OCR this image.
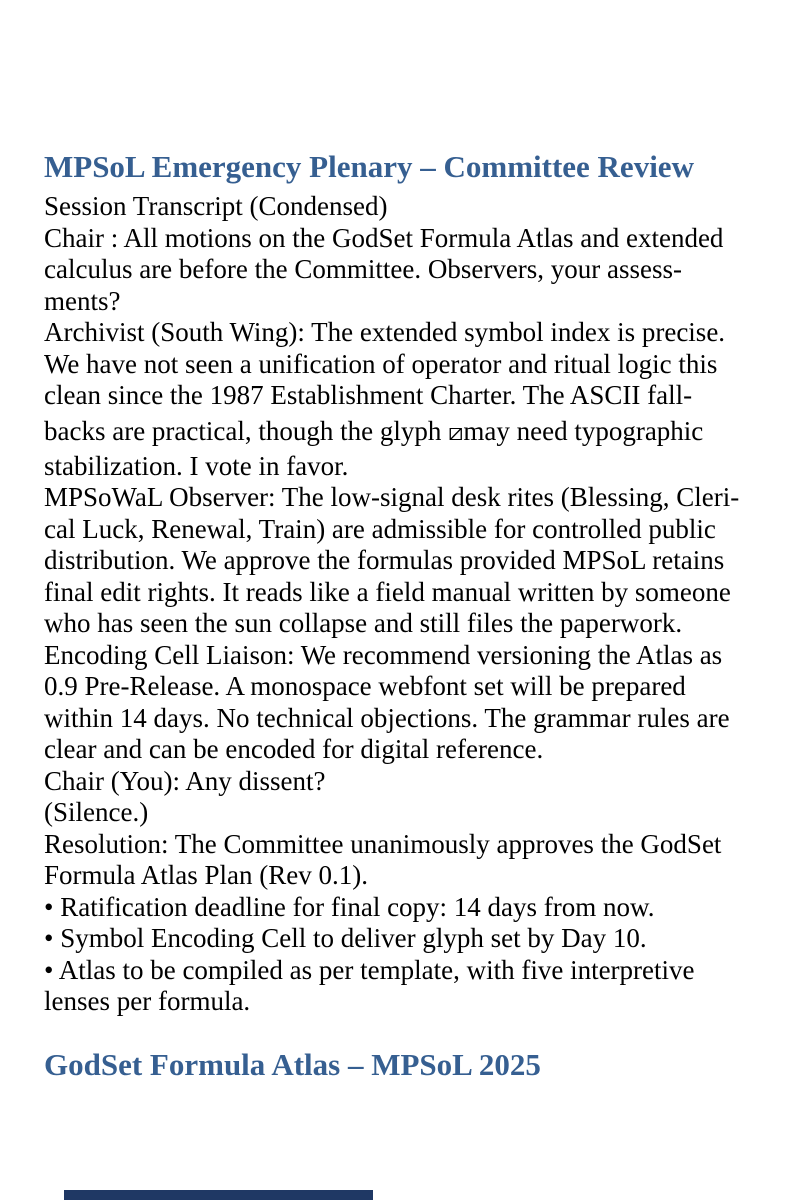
MPSoL Emergency Plenary – Committee Review
Session Transcript (Condensed)
Chair : All motions on the GodSet Formula Atlas and extended
calculus are before the Committee. Observers, your assess-
ments?
Archivist (South Wing): The extended symbol index is precise.
We have not seen a unification of operator and ritual logic this
clean since the 1987 Establishment Charter. The ASCII fall-
backs are practical, though the glyph ⧄may need typographic
stabilization. I vote in favor.
MPSoWaL Observer: The low-signal desk rites (Blessing, Cleri-
cal Luck, Renewal, Train) are admissible for controlled public
distribution. We approve the formulas provided MPSoL retains
final edit rights. It reads like a field manual written by someone
who has seen the sun collapse and still files the paperwork.
Encoding Cell Liaison: We recommend versioning the Atlas as
0.9 Pre-Release. A monospace webfont set will be prepared
within 14 days. No technical objections. The grammar rules are
clear and can be encoded for digital reference.
Chair (You): Any dissent?
(Silence.)
Resolution: The Committee unanimously approves the GodSet
Formula Atlas Plan (Rev 0.1).
• Ratification deadline for final copy: 14 days from now.
• Symbol Encoding Cell to deliver glyph set by Day 10.
• Atlas to be compiled as per template, with five interpretive
lenses per formula.
GodSet Formula Atlas – MPSoL 2025
